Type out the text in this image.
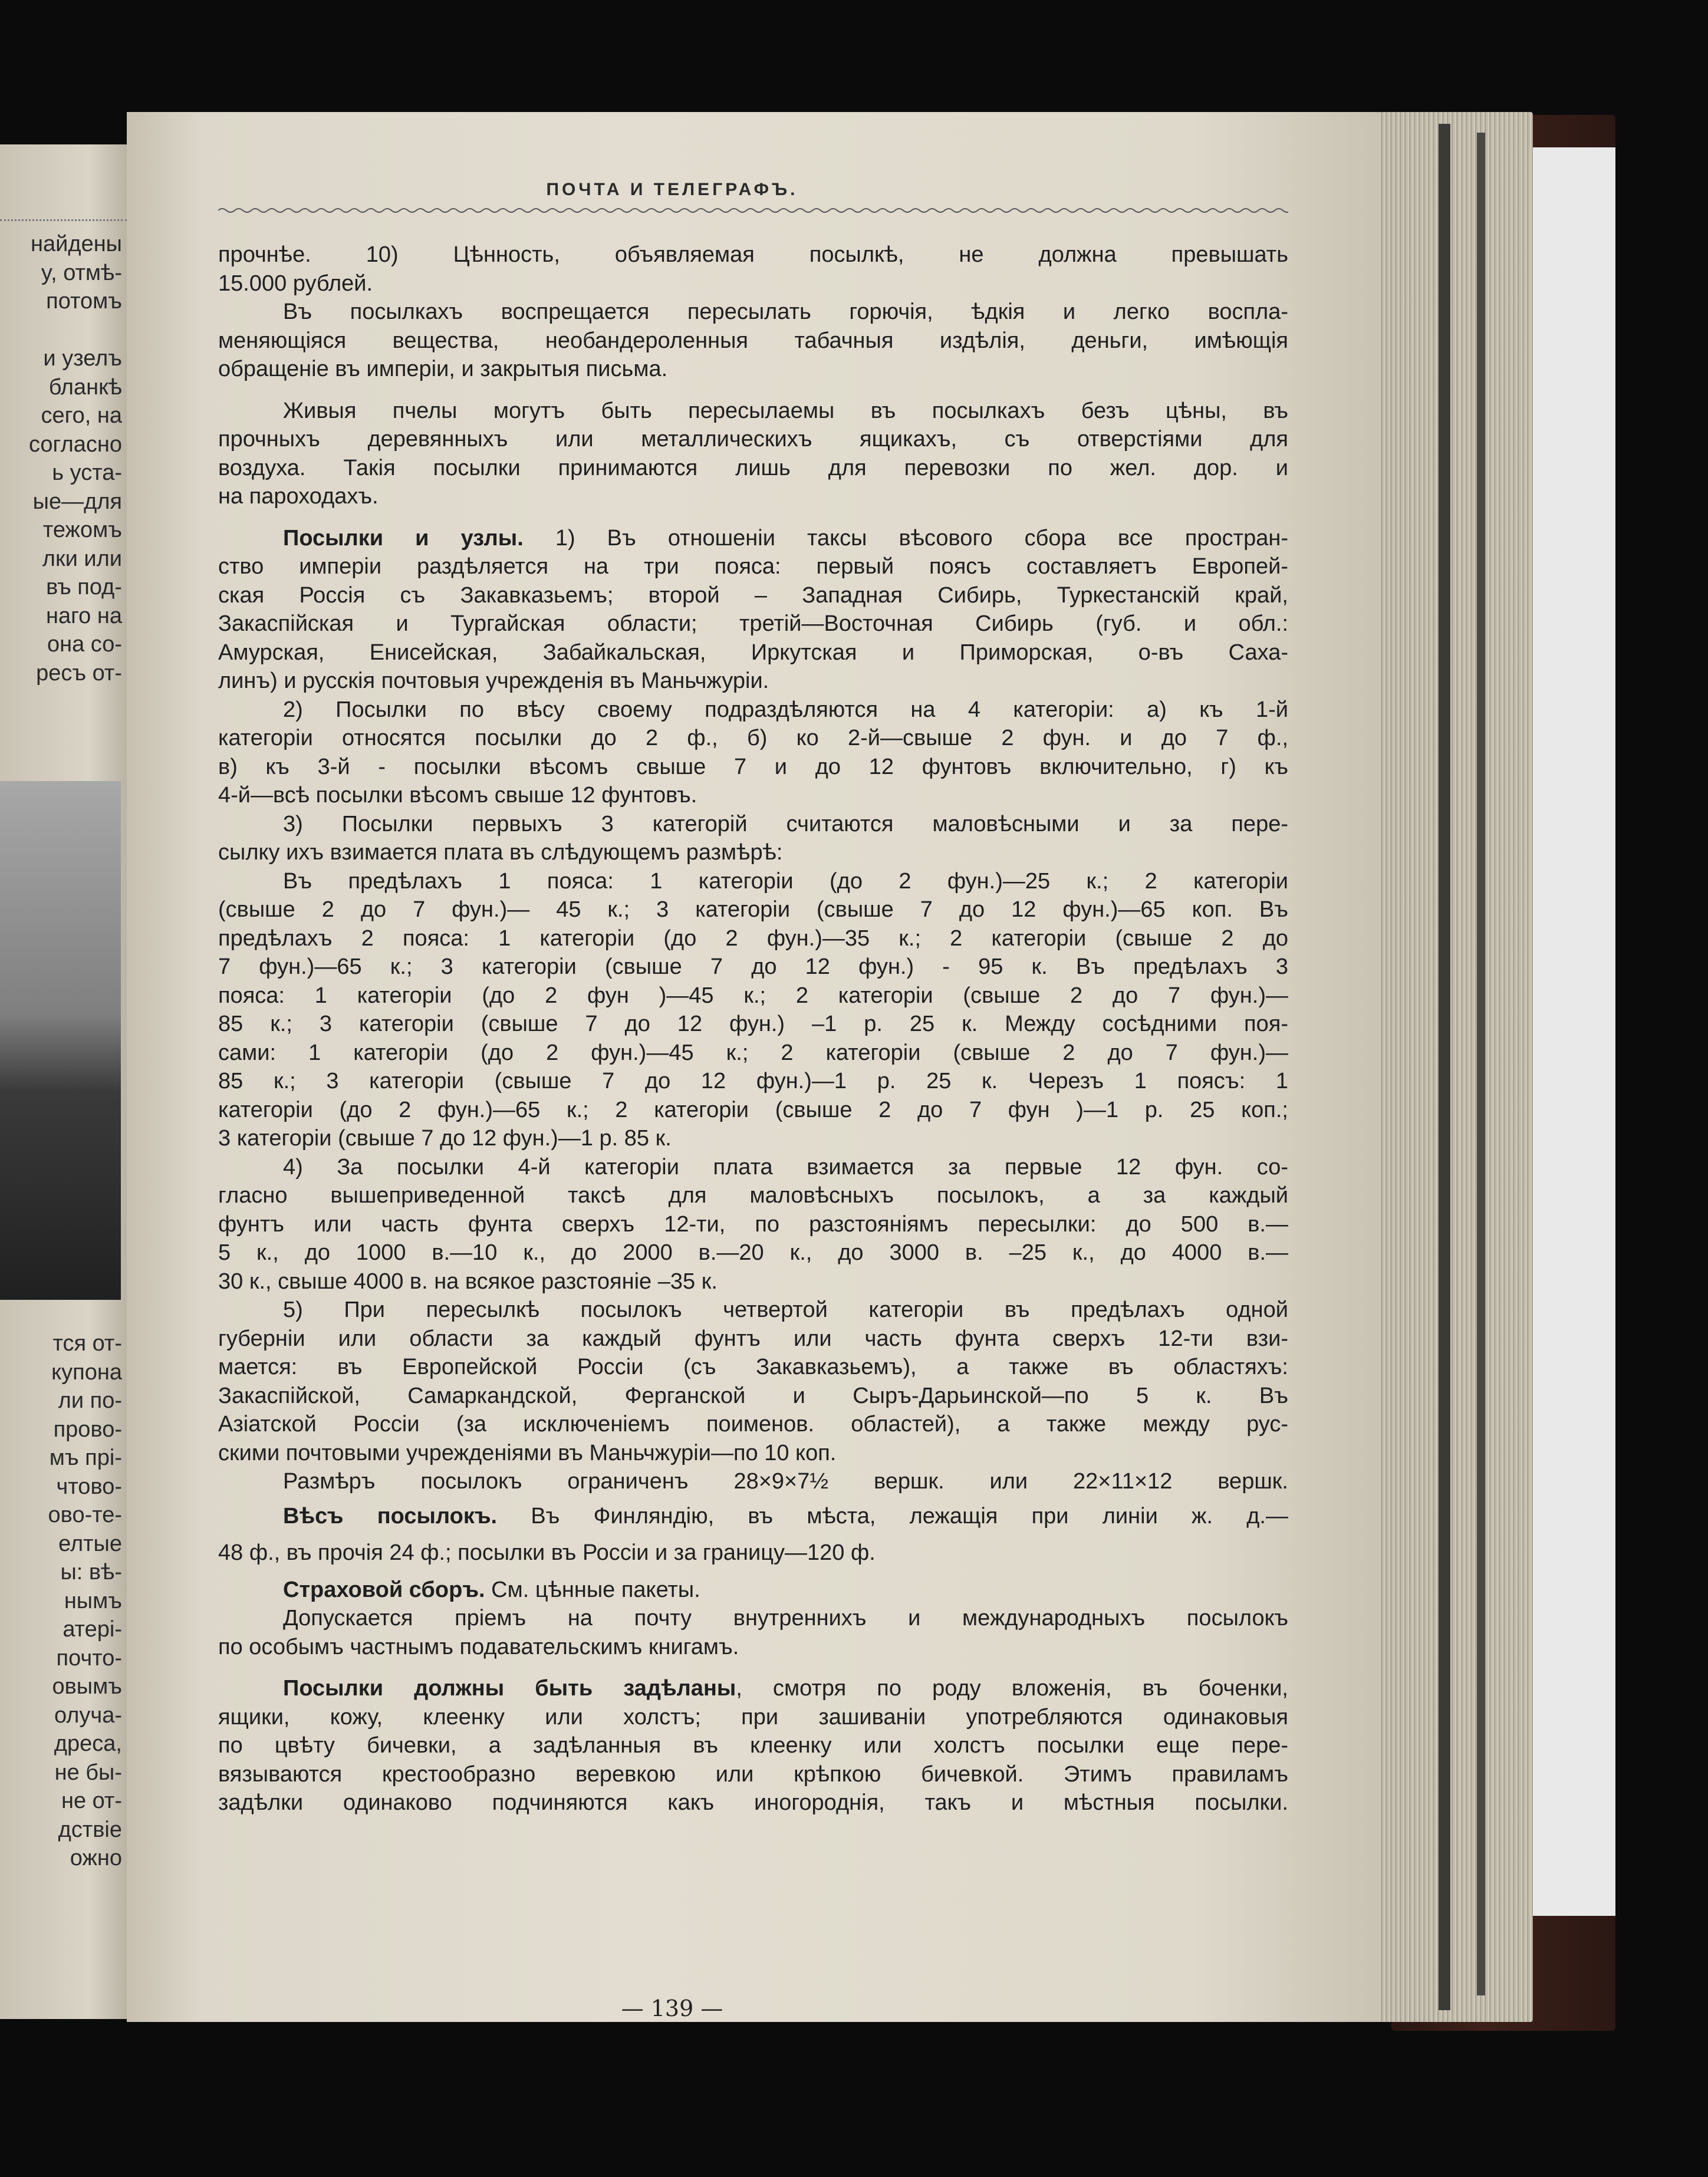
найдены
y, отмѣ-
потомъ

и узелъ
бланкѣ
сего, на
согласно
ь уста-
ые—для
тежомъ
лки или
въ под-
наго на
она со-
ресъ от-
тся от-
купона
ли по-
прово-
мъ прі-
чтово-
ово-те-
елтые
ы: вѣ-
нымъ
атері-
почто-
овымъ
олуча-
дреса,
не бы-
не от-
дствіе
ожно
ПОЧТА И ТЕЛЕГРАФЪ.
прочнѣе. 10) Цѣнность, объявляемая посылкѣ, не должна превышать
15.000 рублей.
Въ посылкахъ воспрещается пересылать горючія, ѣдкія и легко воспла-
меняющіяся вещества, необандероленныя табачныя издѣлія, деньги, имѣющія
обращеніе въ имперіи, и закрытыя письма.
Живыя пчелы могутъ быть пересылаемы въ посылкахъ безъ цѣны, въ
прочныхъ деревянныхъ или металлическихъ ящикахъ, съ отверстіями для
воздуха. Такія посылки принимаются лишь для перевозки по жел. дор. и
на пароходахъ.
Посылки и узлы. 1) Въ отношеніи таксы вѣсового сбора все простран-
ство имперіи раздѣляется на три пояса: первый поясъ составляетъ Европей-
ская Россія съ Закавказьемъ; второй – Западная Сибирь, Туркестанскій край,
Закаспійская и Тургайская области; третій—Восточная Сибирь (губ. и обл.:
Амурская, Енисейская, Забайкальская, Иркутская и Приморская, о-въ Саха-
линъ) и русскія почтовыя учрежденія въ Маньчжуріи.
2) Посылки по вѣсу своему подраздѣляются на 4 категоріи: а) къ 1-й
категоріи относятся посылки до 2 ф., б) ко 2-й—свыше 2 фун. и до 7 ф.,
в) къ 3-й - посылки вѣсомъ свыше 7 и до 12 фунтовъ включительно, г) къ
4-й—всѣ посылки вѣсомъ свыше 12 фунтовъ.
3) Посылки первыхъ 3 категорій считаются маловѣсными и за пере-
сылку ихъ взимается плата въ слѣдующемъ размѣрѣ:
Въ предѣлахъ 1 пояса: 1 категоріи (до 2 фун.)—25 к.; 2 категоріи
(свыше 2 до 7 фун.)— 45 к.; 3 категоріи (свыше 7 до 12 фун.)—65 коп. Въ
предѣлахъ 2 пояса: 1 категоріи (до 2 фун.)—35 к.; 2 категоріи (свыше 2 до
7 фун.)—65 к.; 3 категоріи (свыше 7 до 12 фун.) - 95 к. Въ предѣлахъ 3
пояса: 1 категоріи (до 2 фун )—45 к.; 2 категоріи (свыше 2 до 7 фун.)—
85 к.; 3 категоріи (свыше 7 до 12 фун.) –1 р. 25 к. Между сосѣдними поя-
сами: 1 категоріи (до 2 фун.)—45 к.; 2 категоріи (свыше 2 до 7 фун.)—
85 к.; 3 категоріи (свыше 7 до 12 фун.)—1 р. 25 к. Черезъ 1 поясъ: 1
категоріи (до 2 фун.)—65 к.; 2 категоріи (свыше 2 до 7 фун )—1 р. 25 коп.;
3 категоріи (свыше 7 до 12 фун.)—1 р. 85 к.
4) За посылки 4-й категоріи плата взимается за первые 12 фун. со-
гласно вышеприведенной таксѣ для маловѣсныхъ посылокъ, а за каждый
фунтъ или часть фунта сверхъ 12-ти, по разстояніямъ пересылки: до 500 в.—
5 к., до 1000 в.—10 к., до 2000 в.—20 к., до 3000 в. –25 к., до 4000 в.—
30 к., свыше 4000 в. на всякое разстояніе –35 к.
5) При пересылкѣ посылокъ четвертой категоріи въ предѣлахъ одной
губерніи или области за каждый фунтъ или часть фунта сверхъ 12-ти взи-
мается: въ Европейской Россіи (съ Закавказьемъ), а также въ областяхъ:
Закаспійской, Самаркандской, Ферганской и Сыръ-Дарьинской—по 5 к. Въ
Азіатской Россіи (за исключеніемъ поименов. областей), а также между рус-
скими почтовыми учрежденіями въ Маньчжуріи—по 10 коп.
Размѣръ посылокъ ограниченъ 28×9×7½ вершк. или 22×11×12 вершк.
Вѣсъ посылокъ. Въ Финляндію, въ мѣста, лежащія при линіи ж. д.—
48 ф., въ прочія 24 ф.; посылки въ Россіи и за границу—120 ф.
Страховой сборъ. См. цѣнные пакеты.
Допускается пріемъ на почту внутреннихъ и международныхъ посылокъ
по особымъ частнымъ подавательскимъ книгамъ.
Посылки должны быть задѣланы, смотря по роду вложенія, въ боченки,
ящики, кожу, клеенку или холстъ; при зашиваніи употребляются одинаковыя
по цвѣту бичевки, а задѣланныя въ клеенку или холстъ посылки еще пере-
вязываются крестообразно веревкою или крѣпкою бичевкой. Этимъ правиламъ
задѣлки одинаково подчиняются какъ иногороднія, такъ и мѣстныя посылки.
— 139 —
